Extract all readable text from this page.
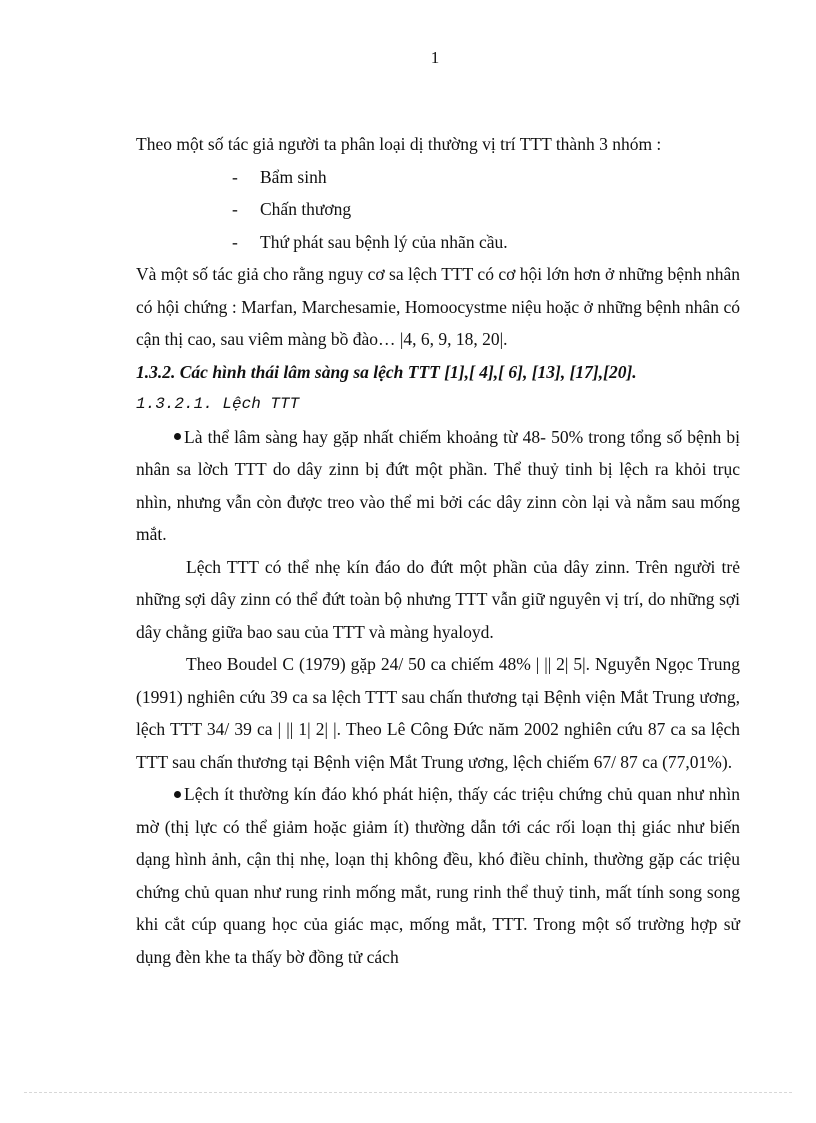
1

Theo một số tác giả người ta phân loại dị thường vị trí TTT thành 3 nhóm :

- Bẩm sinh
- Chấn thương
- Thứ phát sau bệnh lý của nhãn cầu.

Và một số tác giả cho rằng nguy cơ sa lệch TTT có cơ hội lớn hơn ở những bệnh nhân có hội chứng : Marfan, Marchesamie, Homoocystme niệu hoặc ở những bệnh nhân có cận thị cao, sau viêm màng bồ đào… |4, 6, 9, 18, 20|.

1.3.2. Các hình thái lâm sàng sa lệch TTT [1],[ 4],[ 6], [13], [17],[20].

1.3.2.1. Lệch TTT

Là thể lâm sàng hay gặp nhất chiếm khoảng từ 48- 50% trong tổng số bệnh bị nhân sa lờch TTT do dây zinn bị đứt một phần. Thể thuỷ tinh bị lệch ra khỏi trục nhìn, nhưng vẫn còn được treo vào thể mi bởi các dây zinn còn lại và nằm sau mống mắt.

Lệch TTT có thể nhẹ kín đáo do đứt một phần của dây zinn. Trên người trẻ những sợi dây zinn có thể đứt toàn bộ nhưng TTT vẫn giữ nguyên vị trí, do những sợi dây chằng giữa bao sau của TTT và màng hyaloyd.

Theo Boudel C (1979) gặp 24/ 50 ca chiếm 48% | || 2| 5|. Nguyễn Ngọc Trung (1991) nghiên cứu 39 ca sa lệch TTT sau chấn thương tại Bệnh viện Mắt Trung ương, lệch TTT 34/ 39 ca | || 1| 2| |. Theo Lê Công Đức năm 2002 nghiên cứu 87 ca sa lệch TTT sau chấn thương tại Bệnh viện Mắt Trung ương, lệch chiếm 67/ 87 ca (77,01%).

Lệch ít thường kín đáo khó phát hiện, thấy các triệu chứng chủ quan như nhìn mờ (thị lực có thể giảm hoặc giảm ít) thường dẫn tới các rối loạn thị giác như biến dạng hình ảnh, cận thị nhẹ, loạn thị không đều, khó điều chỉnh, thường gặp các triệu chứng chủ quan như rung rinh mống mắt, rung rinh thể thuỷ tinh, mất tính song song khi cắt cúp quang học của giác mạc, mống mắt, TTT. Trong một số trường hợp sử dụng đèn khe ta thấy bờ đồng tử cách
